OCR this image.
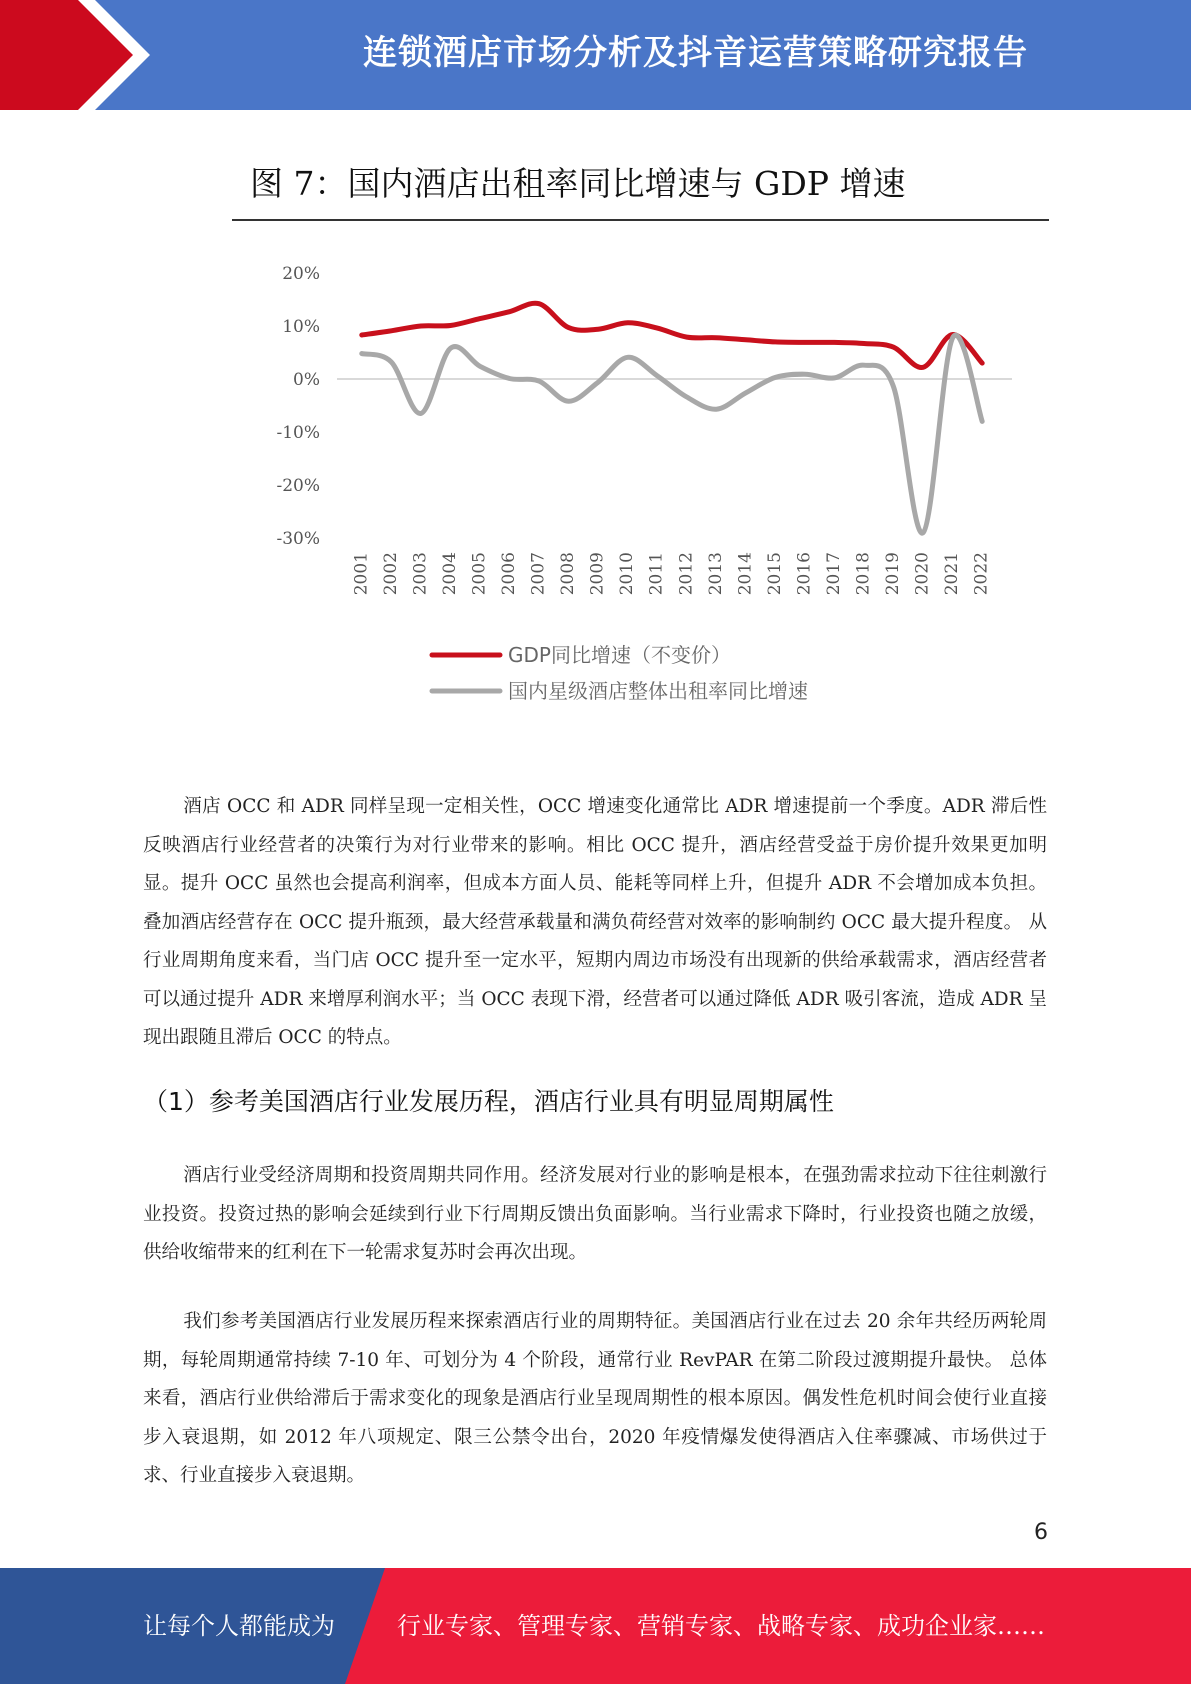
连锁酒店市场分析及抖音运营策略研究报告
图 7：国内酒店出租率同比增速与 GDP 增速
20%
10%
0%
-10%
-20%
-30%
2001 2002 2003 2004 2005 2006 2007 2008 2009 2010 2011 2012 2013 2014 2015 2016 2017 2018 2019 2020 2021 2022
GDP同比增速（不变价）
国内星级酒店整体出租率同比增速

酒店 OCC 和 ADR 同样呈现一定相关性，OCC 增速变化通常比 ADR 增速提前一个季度。ADR 滞后性反映酒店行业经营者的决策行为对行业带来的影响。相比 OCC 提升，酒店经营受益于房价提升效果更加明显。提升 OCC 虽然也会提高利润率，但成本方面人员、能耗等同样上升，但提升 ADR 不会增加成本负担。叠加酒店经营存在 OCC 提升瓶颈，最大经营承载量和满负荷经营对效率的影响制约 OCC 最大提升程度。 从行业周期角度来看，当门店 OCC 提升至一定水平，短期内周边市场没有出现新的供给承载需求，酒店经营者可以通过提升 ADR 来增厚利润水平；当 OCC 表现下滑，经营者可以通过降低 ADR 吸引客流，造成 ADR 呈现出跟随且滞后 OCC 的特点。

（1）参考美国酒店行业发展历程，酒店行业具有明显周期属性

酒店行业受经济周期和投资周期共同作用。经济发展对行业的影响是根本，在强劲需求拉动下往往刺激行业投资。投资过热的影响会延续到行业下行周期反馈出负面影响。当行业需求下降时，行业投资也随之放缓，供给收缩带来的红利在下一轮需求复苏时会再次出现。

我们参考美国酒店行业发展历程来探索酒店行业的周期特征。美国酒店行业在过去 20 余年共经历两轮周期，每轮周期通常持续 7-10 年、可划分为 4 个阶段，通常行业 RevPAR 在第二阶段过渡期提升最快。 总体来看，酒店行业供给滞后于需求变化的现象是酒店行业呈现周期性的根本原因。偶发性危机时间会使行业直接步入衰退期，如 2012 年八项规定、限三公禁令出台，2020 年疫情爆发使得酒店入住率骤减、市场供过于求、行业直接步入衰退期。

6
让每个人都能成为	行业专家、管理专家、营销专家、战略专家、成功企业家……
